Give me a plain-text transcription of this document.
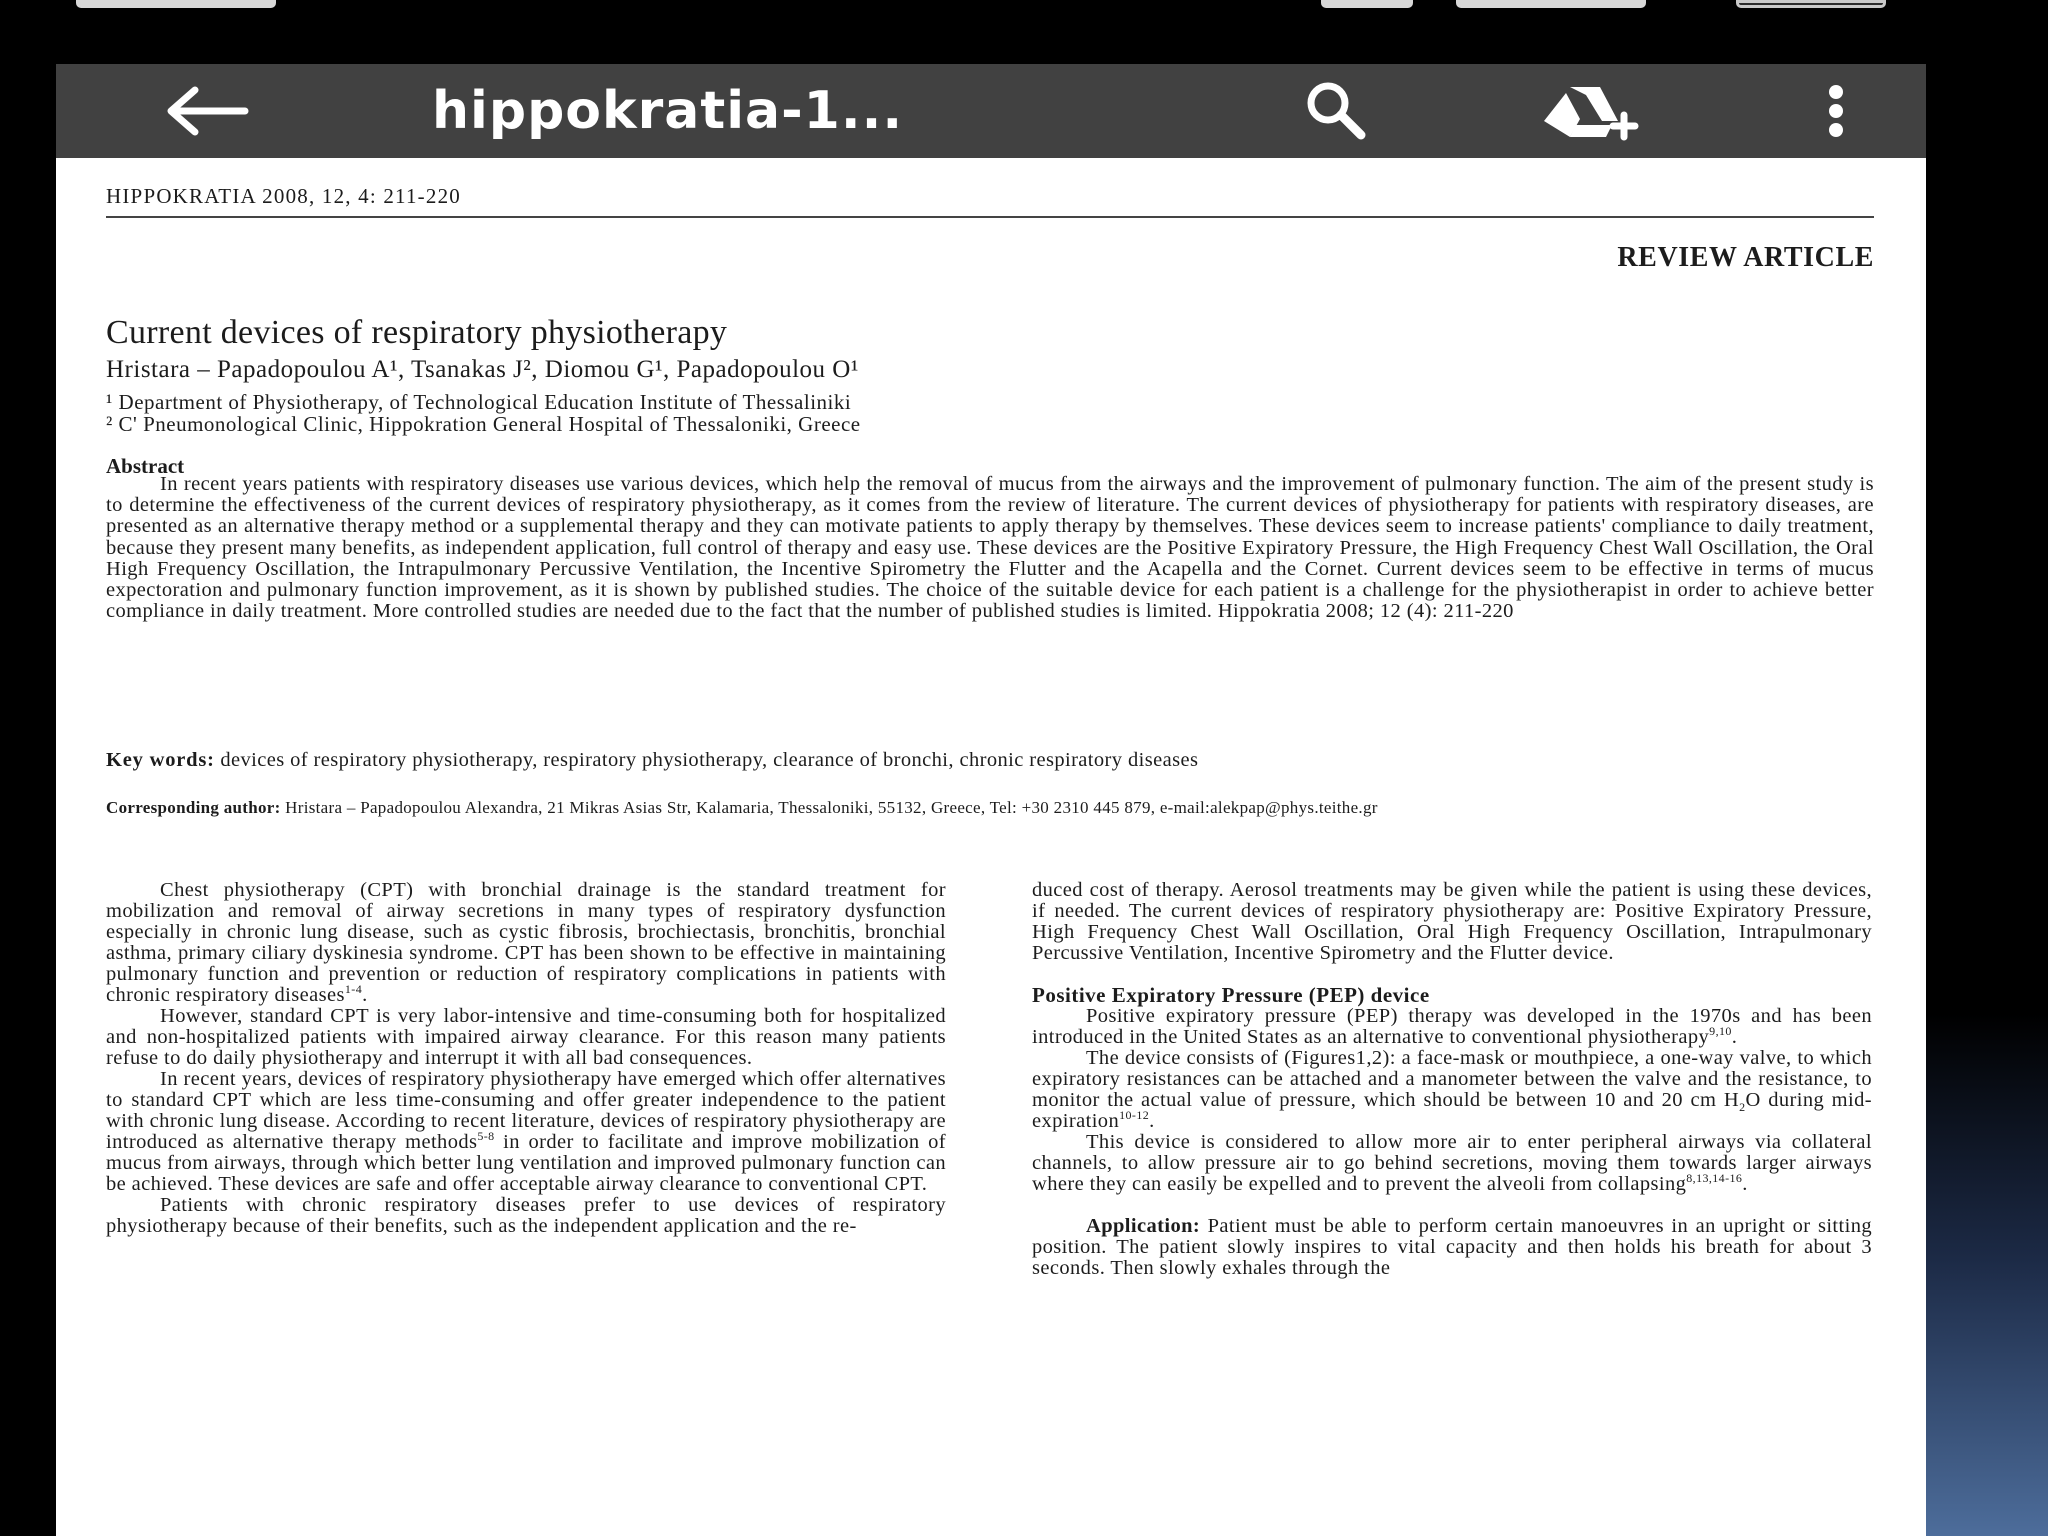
hippokratia-1...
HIPPOKRATIA 2008, 12, 4: 211-220
REVIEW ARTICLE
Current devices of respiratory physiotherapy
Hristara – Papadopoulou A¹, Tsanakas J², Diomou G¹, Papadopoulou O¹
¹ Department of Physiotherapy, of Technological Education Institute of Thessaliniki
² C' Pneumonological Clinic, Hippokration General Hospital of Thessaloniki, Greece
Abstract
In recent years patients with respiratory diseases use various devices, which help the removal of mucus from the airways and the improvement of pulmonary function. The aim of the present study is to determine the effectiveness of the current devices of respiratory physiotherapy, as it comes from the review of literature. The current devices of physiotherapy for patients with respiratory diseases, are presented as an alternative therapy method or a supplemental therapy and they can motivate patients to apply therapy by themselves. These devices seem to increase patients' compliance to daily treatment, because they present many benefits, as independent application, full control of therapy and easy use. These devices are the Positive Expiratory Pressure, the High Frequency Chest Wall Oscillation, the Oral High Frequency Oscillation, the Intrapulmonary Percussive Ventilation, the Incentive Spirometry the Flutter and the Acapella and the Cornet. Current devices seem to be effective in terms of mucus expectoration and pulmonary function improvement, as it is shown by published studies. The choice of the suitable device for each patient is a challenge for the physiotherapist in order to achieve better compliance in daily treatment. More controlled studies are needed due to the fact that the number of published studies is limited. Hippokratia 2008; 12 (4): 211-220
Key words: devices of respiratory physiotherapy, respiratory physiotherapy, clearance of bronchi, chronic respiratory diseases
Corresponding author: Hristara – Papadopoulou Alexandra, 21 Mikras Asias Str, Kalamaria, Thessaloniki, 55132, Greece, Tel: +30 2310 445 879, e-mail:alekpap@phys.teithe.gr

Chest physiotherapy (CPT) with bronchial drainage is the standard treatment for mobilization and removal of airway secretions in many types of respiratory dysfunction especially in chronic lung disease, such as cystic fibrosis, brochiectasis, bronchitis, bronchial asthma, primary ciliary dyskinesia syndrome. CPT has been shown to be effective in maintaining pulmonary function and prevention or reduction of respiratory complications in patients with chronic respiratory diseases$^{1-4}$.

However, standard CPT is very labor-intensive and time-consuming both for hospitalized and non-hospitalized patients with impaired airway clearance. For this reason many patients refuse to do daily physiotherapy and interrupt it with all bad consequences.

In recent years, devices of respiratory physiotherapy have emerged which offer alternatives to standard CPT which are less time-consuming and offer greater independence to the patient with chronic lung disease. According to recent literature, devices of respiratory physiotherapy are introduced as alternative therapy methods$^{5-8}$ in order to facilitate and improve mobilization of mucus from airways, through which better lung ventilation and improved pulmonary function can be achieved. These devices are safe and offer acceptable airway clearance to conventional CPT.

Patients with chronic respiratory diseases prefer to use devices of respiratory physiotherapy because of their benefits, such as the independent application and the re-

duced cost of therapy. Aerosol treatments may be given while the patient is using these devices, if needed. The current devices of respiratory physiotherapy are: Positive Expiratory Pressure, High Frequency Chest Wall Oscillation, Oral High Frequency Oscillation, Intrapulmonary Percussive Ventilation, Incentive Spirometry and the Flutter device.

Positive Expiratory Pressure (PEP) device

Positive expiratory pressure (PEP) therapy was developed in the 1970s and has been introduced in the United States as an alternative to conventional physiotherapy$^{9,10}$.

The device consists of (Figures1,2): a face-mask or mouthpiece, a one-way valve, to which expiratory resistances can be attached and a manometer between the valve and the resistance, to monitor the actual value of pressure, which should be between 10 and 20 cm $H_2O$ during mid-expiration$^{10-12}$.

This device is considered to allow more air to enter peripheral airways via collateral channels, to allow pressure air to go behind secretions, moving them towards larger airways where they can easily be expelled and to prevent the alveoli from collapsing$^{8,13,14-16}$.

Application: Patient must be able to perform certain manoeuvres in an upright or sitting position. The patient slowly inspires to vital capacity and then holds his breath for about 3 seconds. Then slowly exhales through the
